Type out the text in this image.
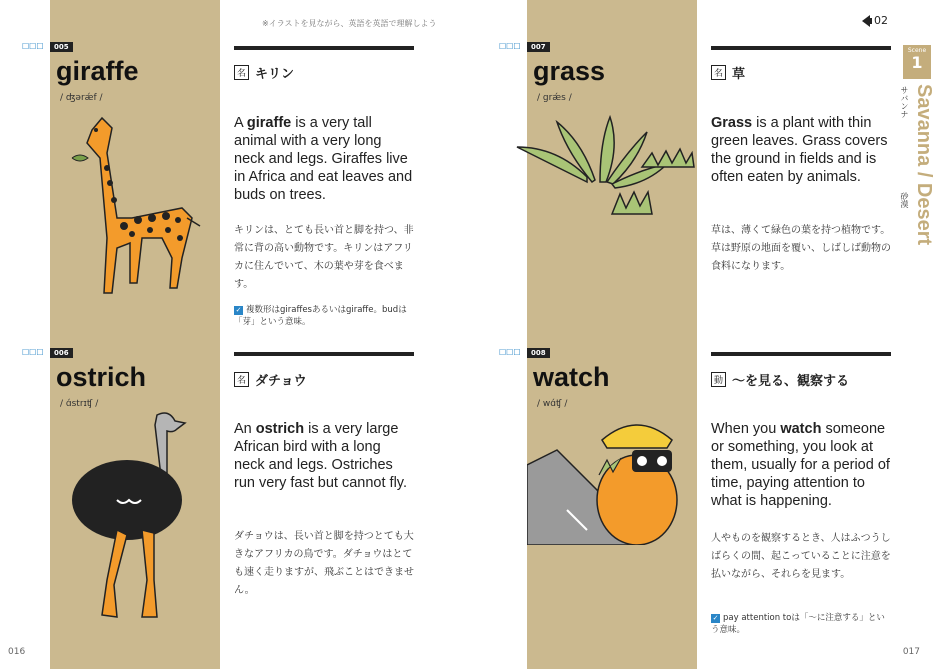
※イラストを見ながら、英語を英語で理解しよう	02
☐☐☐	005
giraffe
/ ʤərǽf /
名 キリン
A giraffe is a very tall animal with a very long neck and legs. Giraffes live in Africa and eat leaves and buds on trees.
キリンは、とても長い首と脚を持つ、非常に背の高い動物です。キリンはアフリカに住んでいて、木の葉や芽を食べます。
✓ 複数形はgiraffesあるいはgiraffe。budは「芽」という意味。
☐☐☐	006
ostrich
/ ɑ́strɪʧ /
名 ダチョウ
An ostrich is a very large African bird with a long neck and legs. Ostriches run very fast but cannot fly.
ダチョウは、長い首と脚を持つとても大きなアフリカの鳥です。ダチョウはとても速く走りますが、飛ぶことはできません。
☐☐☐	007
grass
/ grǽs /
名 草
Grass is a plant with thin green leaves. Grass covers the ground in fields and is often eaten by animals.
草は、薄くて緑色の葉を持つ植物です。草は野原の地面を覆い、しばしば動物の食料になります。
☐☐☐	008
watch
/ wɑ́ʧ /
動 ～を見る、観察する
When you watch someone or something, you look at them, usually for a period of time, paying attention to what is happening.
人やものを観察するとき、人はふつうしばらくの間、起こっていることに注意を払いながら、それらを見ます。
✓ pay attention toは「～に注意する」という意味。
Scene
1
Savanna / Desert
サバンナ
砂漠
016	017
